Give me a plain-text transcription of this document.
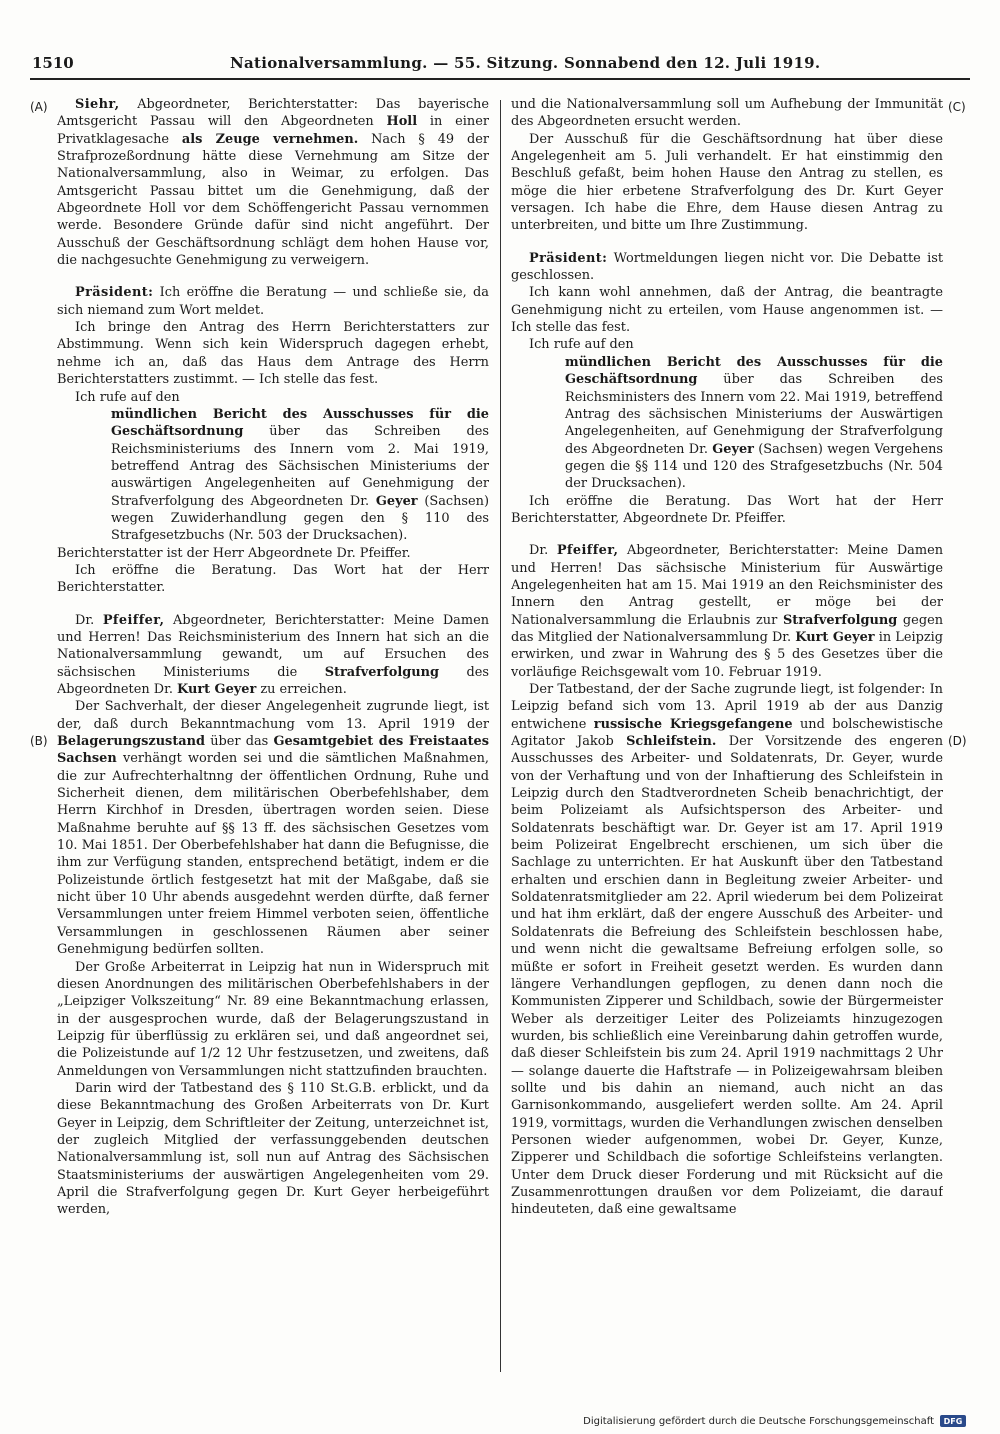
1510	Nationalversammlung. — 55. Sitzung. Sonnabend den 12. Juli 1919.
(A)
(B)
(C)
(D)

Siehr, Abgeordneter, Berichterstatter: Das bayerische Amtsgericht Passau will den Abgeordneten Holl in einer Privatklagesache als Zeuge vernehmen. Nach § 49 der Strafprozeßordnung hätte diese Vernehmung am Sitze der Nationalversammlung, also in Weimar, zu erfolgen. Das Amtsgericht Passau bittet um die Genehmigung, daß der Abgeordnete Holl vor dem Schöffengericht Passau vernommen werde. Besondere Gründe dafür sind nicht angeführt. Der Ausschuß der Geschäftsordnung schlägt dem hohen Hause vor, die nachgesuchte Genehmigung zu verweigern.

Präsident: Ich eröffne die Beratung — und schließe sie, da sich niemand zum Wort meldet.

Ich bringe den Antrag des Herrn Berichterstatters zur Abstimmung. Wenn sich kein Widerspruch dagegen erhebt, nehme ich an, daß das Haus dem Antrage des Herrn Berichterstatters zustimmt. — Ich stelle das fest.

Ich rufe auf den

mündlichen Bericht des Ausschusses für die Geschäftsordnung über das Schreiben des Reichsministeriums des Innern vom 2. Mai 1919, betreffend Antrag des Sächsischen Ministeriums der auswärtigen Angelegenheiten auf Genehmigung der Strafverfolgung des Abgeordneten Dr. Geyer (Sachsen) wegen Zuwiderhandlung gegen den § 110 des Strafgesetzbuchs (Nr. 503 der Drucksachen).

Berichterstatter ist der Herr Abgeordnete Dr. Pfeiffer.

Ich eröffne die Beratung. Das Wort hat der Herr Berichterstatter.

Dr. Pfeiffer, Abgeordneter, Berichterstatter: Meine Damen und Herren! Das Reichsministerium des Innern hat sich an die Nationalversammlung gewandt, um auf Ersuchen des sächsischen Ministeriums die Strafverfolgung des Abgeordneten Dr. Kurt Geyer zu erreichen.

Der Sachverhalt, der dieser Angelegenheit zugrunde liegt, ist der, daß durch Bekanntmachung vom 13. April 1919 der Belagerungszustand über das Gesamtgebiet des Freistaates Sachsen verhängt worden sei und die sämtlichen Maßnahmen, die zur Aufrechterhaltnng der öffentlichen Ordnung, Ruhe und Sicherheit dienen, dem militärischen Oberbefehlshaber, dem Herrn Kirchhof in Dresden, übertragen worden seien. Diese Maßnahme beruhte auf §§ 13 ff. des sächsischen Gesetzes vom 10. Mai 1851. Der Oberbefehlshaber hat dann die Befugnisse, die ihm zur Verfügung standen, entsprechend betätigt, indem er die Polizeistunde örtlich festgesetzt hat mit der Maßgabe, daß sie nicht über 10 Uhr abends ausgedehnt werden dürfte, daß ferner Versammlungen unter freiem Himmel verboten seien, öffentliche Versammlungen in geschlossenen Räumen aber seiner Genehmigung bedürfen sollten.

Der Große Arbeiterrat in Leipzig hat nun in Widerspruch mit diesen Anordnungen des militärischen Oberbefehlshabers in der „Leipziger Volkszeitung“ Nr. 89 eine Bekanntmachung erlassen, in der ausgesprochen wurde, daß der Belagerungszustand in Leipzig für überflüssig zu erklären sei, und daß angeordnet sei, die Polizeistunde auf 1/2 12 Uhr festzusetzen, und zweitens, daß Anmeldungen von Versammlungen nicht stattzufinden brauchten.

Darin wird der Tatbestand des § 110 St.G.B. erblickt, und da diese Bekanntmachung des Großen Arbeiterrats von Dr. Kurt Geyer in Leipzig, dem Schriftleiter der Zeitung, unterzeichnet ist, der zugleich Mitglied der verfassunggebenden deutschen Nationalversammlung ist, soll nun auf Antrag des Sächsischen Staatsministeriums der auswärtigen Angelegenheiten vom 29. April die Strafverfolgung gegen Dr. Kurt Geyer herbeigeführt werden,

und die Nationalversammlung soll um Aufhebung der Immunität des Abgeordneten ersucht werden.

Der Ausschuß für die Geschäftsordnung hat über diese Angelegenheit am 5. Juli verhandelt. Er hat einstimmig den Beschluß gefaßt, beim hohen Hause den Antrag zu stellen, es möge die hier erbetene Strafverfolgung des Dr. Kurt Geyer versagen. Ich habe die Ehre, dem Hause diesen Antrag zu unterbreiten, und bitte um Ihre Zustimmung.

Präsident: Wortmeldungen liegen nicht vor. Die Debatte ist geschlossen.

Ich kann wohl annehmen, daß der Antrag, die beantragte Genehmigung nicht zu erteilen, vom Hause angenommen ist. — Ich stelle das fest.

Ich rufe auf den

mündlichen Bericht des Ausschusses für die Geschäftsordnung über das Schreiben des Reichsministers des Innern vom 22. Mai 1919, betreffend Antrag des sächsischen Ministeriums der Auswärtigen Angelegenheiten, auf Genehmigung der Strafverfolgung des Abgeordneten Dr. Geyer (Sachsen) wegen Vergehens gegen die §§ 114 und 120 des Strafgesetzbuchs (Nr. 504 der Drucksachen).

Ich eröffne die Beratung. Das Wort hat der Herr Berichterstatter, Abgeordnete Dr. Pfeiffer.

Dr. Pfeiffer, Abgeordneter, Berichterstatter: Meine Damen und Herren! Das sächsische Ministerium für Auswärtige Angelegenheiten hat am 15. Mai 1919 an den Reichsminister des Innern den Antrag gestellt, er möge bei der Nationalversammlung die Erlaubnis zur Strafverfolgung gegen das Mitglied der Nationalversammlung Dr. Kurt Geyer in Leipzig erwirken, und zwar in Wahrung des § 5 des Gesetzes über die vorläufige Reichsgewalt vom 10. Februar 1919.

Der Tatbestand, der der Sache zugrunde liegt, ist folgender: In Leipzig befand sich vom 13. April 1919 ab der aus Danzig entwichene russische Kriegsgefangene und bolschewistische Agitator Jakob Schleifstein. Der Vorsitzende des engeren Ausschusses des Arbeiter- und Soldatenrats, Dr. Geyer, wurde von der Verhaftung und von der Inhaftierung des Schleifstein in Leipzig durch den Stadtverordneten Scheib benachrichtigt, der beim Polizeiamt als Aufsichtsperson des Arbeiter- und Soldatenrats beschäftigt war. Dr. Geyer ist am 17. April 1919 beim Polizeirat Engelbrecht erschienen, um sich über die Sachlage zu unterrichten. Er hat Auskunft über den Tatbestand erhalten und erschien dann in Begleitung zweier Arbeiter- und Soldatenratsmitglieder am 22. April wiederum bei dem Polizeirat und hat ihm erklärt, daß der engere Ausschuß des Arbeiter- und Soldatenrats die Befreiung des Schleifstein beschlossen habe, und wenn nicht die gewaltsame Befreiung erfolgen solle, so müßte er sofort in Freiheit gesetzt werden. Es wurden dann längere Verhandlungen gepflogen, zu denen dann noch die Kommunisten Zipperer und Schildbach, sowie der Bürgermeister Weber als derzeitiger Leiter des Polizeiamts hinzugezogen wurden, bis schließlich eine Vereinbarung dahin getroffen wurde, daß dieser Schleifstein bis zum 24. April 1919 nachmittags 2 Uhr — solange dauerte die Haftstrafe — in Polizeigewahrsam bleiben sollte und bis dahin an niemand, auch nicht an das Garnisonkommando, ausgeliefert werden sollte. Am 24. April 1919, vormittags, wurden die Verhandlungen zwischen denselben Personen wieder aufgenommen, wobei Dr. Geyer, Kunze, Zipperer und Schildbach die sofortige Schleifsteins verlangten. Unter dem Druck dieser Forderung und mit Rücksicht auf die Zusammenrottungen draußen vor dem Polizeiamt, die darauf hindeuteten, daß eine gewaltsame

Digitalisierung gefördert durch die Deutsche Forschungsgemeinschaft	DFG
